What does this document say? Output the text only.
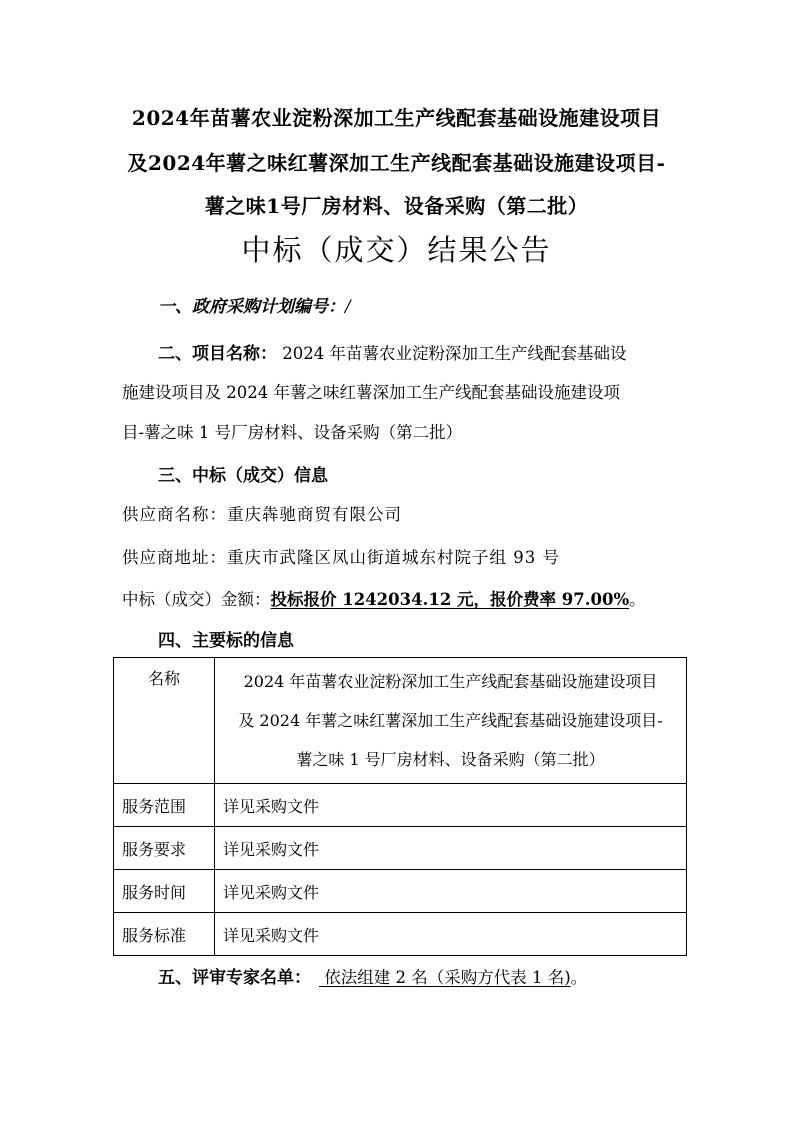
2024年苗薯农业淀粉深加工生产线配套基础设施建设项目
及2024年薯之味红薯深加工生产线配套基础设施建设项目-
薯之味1号厂房材料、设备采购（第二批）
中标（成交）结果公告
一、政府采购计划编号：/
二、项目名称： 2024 年苗薯农业淀粉深加工生产线配套基础设
施建设项目及 2024 年薯之味红薯深加工生产线配套基础设施建设项
目-薯之味 1 号厂房材料、设备采购（第二批）
三、中标（成交）信息
供应商名称：重庆犇驰商贸有限公司
供应商地址：重庆市武隆区凤山街道城东村院子组 93 号
中标（成交）金额：投标报价 1242034.12 元，报价费率 97.00%。
四、主要标的信息
名称	2024 年苗薯农业淀粉深加工生产线配套基础设施建设项目
及 2024 年薯之味红薯深加工生产线配套基础设施建设项目-
薯之味 1 号厂房材料、设备采购（第二批）

服务范围	详见采购文件
服务要求	详见采购文件
服务时间	详见采购文件
服务标准	详见采购文件
五、评审专家名单： 依法组建 2 名（采购方代表 1 名)。
